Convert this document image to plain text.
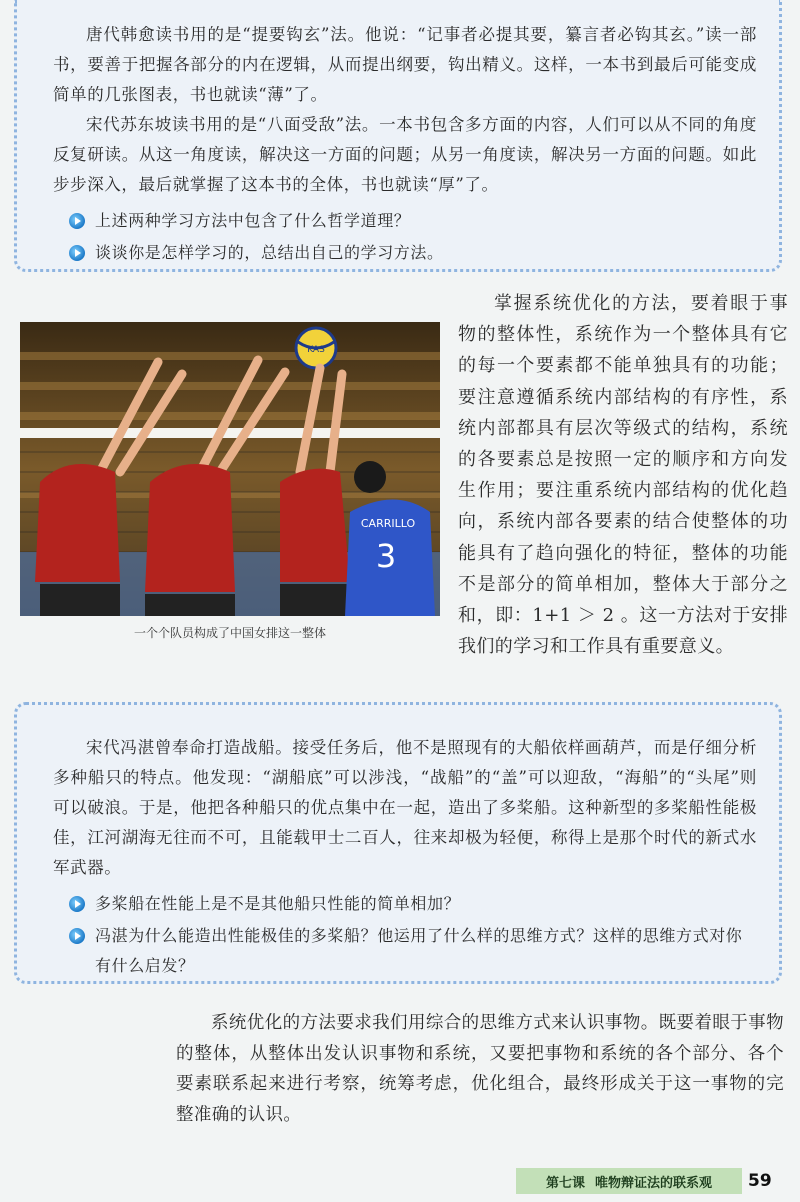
唐代韩愈读书用的是“提要钩玄”法。他说：“记事者必提其要，纂言者必钩其玄。”读一部书，要善于把握各部分的内在逻辑，从而提出纲要，钩出精义。这样，一本书到最后可能变成简单的几张图表，书也就读“薄”了。

宋代苏东坡读书用的是“八面受敌”法。一本书包含多方面的内容，人们可以从不同的角度反复研读。从这一角度读，解决这一方面的问题；从另一角度读，解决另一方面的问题。如此步步深入，最后就掌握了这本书的全体，书也就读“厚”了。

上述两种学习方法中包含了什么哲学道理？
谈谈你是怎样学习的，总结出自己的学习方法。
KAS
CARRILLO
3
一个个队员构成了中国女排这一整体

掌握系统优化的方法，要着眼于事物的整体性，系统作为一个整体具有它的每一个要素都不能单独具有的功能；要注意遵循系统内部结构的有序性，系统内部都具有层次等级式的结构，系统的各要素总是按照一定的顺序和方向发生作用；要注重系统内部结构的优化趋向，系统内部各要素的结合使整体的功能具有了趋向强化的特征，整体的功能不是部分的简单相加，整体大于部分之和，即：1+1 ＞ 2 。这一方法对于安排我们的学习和工作具有重要意义。

宋代冯湛曾奉命打造战船。接受任务后，他不是照现有的大船依样画葫芦，而是仔细分析多种船只的特点。他发现：“湖船底”可以涉浅，“战船”的“盖”可以迎敌，“海船”的“头尾”则可以破浪。于是，他把各种船只的优点集中在一起，造出了多桨船。这种新型的多桨船性能极佳，江河湖海无往而不可，且能载甲士二百人，往来却极为轻便，称得上是那个时代的新式水军武器。

多桨船在性能上是不是其他船只性能的简单相加？
冯湛为什么能造出性能极佳的多桨船？他运用了什么样的思维方式？这样的思维方式对你有什么启发？

系统优化的方法要求我们用综合的思维方式来认识事物。既要着眼于事物的整体，从整体出发认识事物和系统，又要把事物和系统的各个部分、各个要素联系起来进行考察，统筹考虑，优化组合，最终形成关于这一事物的完整准确的认识。

第七课 唯物辩证法的联系观 59
